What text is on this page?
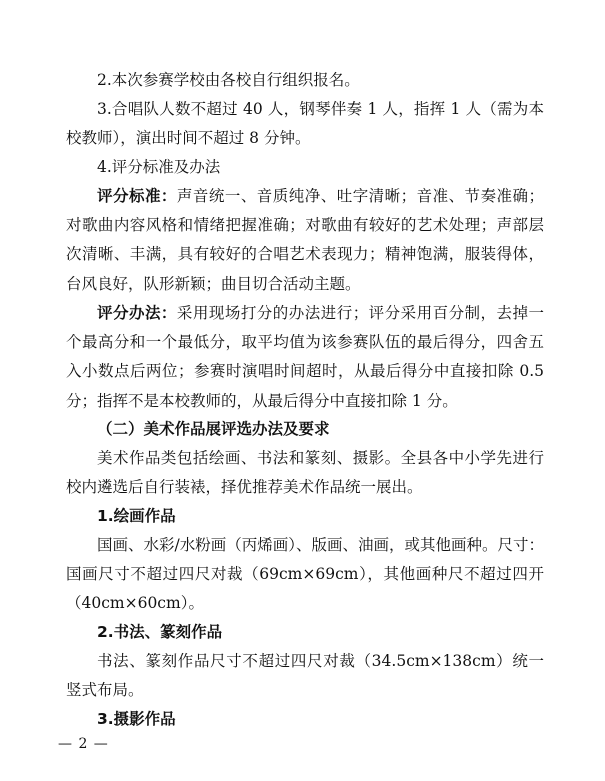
2.本次参赛学校由各校自行组织报名。

3.合唱队人数不超过 40 人，钢琴伴奏 1 人，指挥 1 人（需为本校教师），演出时间不超过 8 分钟。

4.评分标准及办法

评分标准：声音统一、音质纯净、吐字清晰；音准、节奏准确；对歌曲内容风格和情绪把握准确；对歌曲有较好的艺术处理；声部层次清晰、丰满，具有较好的合唱艺术表现力；精神饱满，服装得体，台风良好，队形新颖；曲目切合活动主题。

评分办法：采用现场打分的办法进行；评分采用百分制，去掉一个最高分和一个最低分，取平均值为该参赛队伍的最后得分，四舍五入小数点后两位；参赛时演唱时间超时，从最后得分中直接扣除 0.5 分；指挥不是本校教师的，从最后得分中直接扣除 1 分。

（二）美术作品展评选办法及要求

美术作品类包括绘画、书法和篆刻、摄影。全县各中小学先进行校内遴选后自行装裱，择优推荐美术作品统一展出。

1.绘画作品

国画、水彩/水粉画（丙烯画）、版画、油画，或其他画种。尺寸：国画尺寸不超过四尺对裁（69cm×69cm），其他画种尺不超过四开（40cm×60cm）。

2.书法、篆刻作品

书法、篆刻作品尺寸不超过四尺对裁（34.5cm×138cm）统一竖式布局。

3.摄影作品

— 2 —
